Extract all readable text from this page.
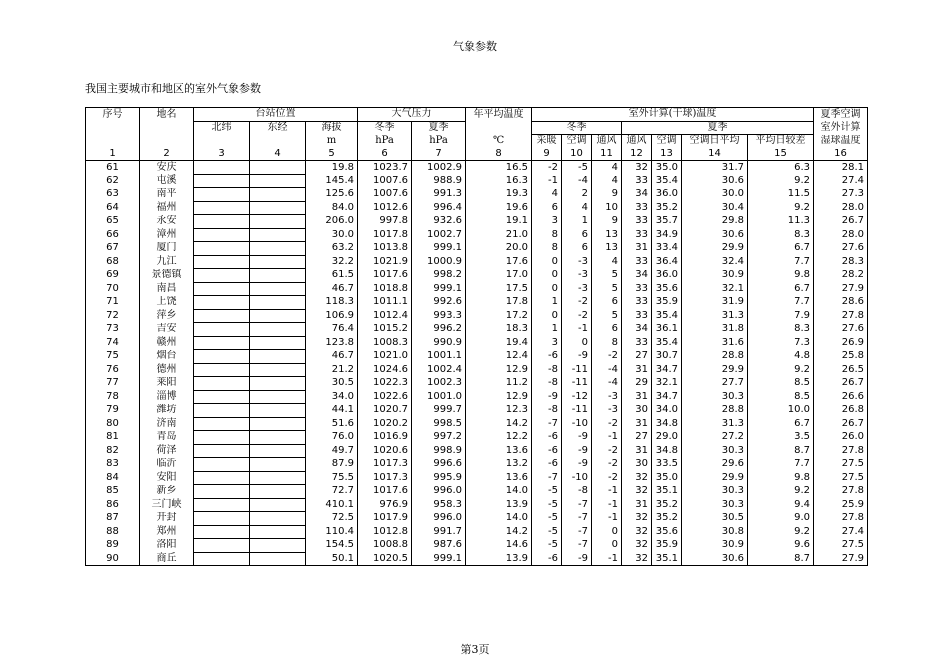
气象参数
我国主要城市和地区的室外气象参数
序号	地名	台站位置			大气压力		年平均温度	室外计算(干球)温度							夏季空调
		北纬	东经	海拔	冬季	夏季		冬季			夏季				室外计算
				m	hPa	hPa	℃	采暖	空调	通风	通风	空调	空调日平均	平均日较差	湿球温度
1	2	3	4	5	6	7	8	9	10	11	12	13	14	15	16
61	安庆			19.8	1023.7	1002.9	16.5	-2	-5	4	32	35.0	31.7	6.3	28.1
62	屯溪			145.4	1007.6	988.9	16.3	-1	-4	4	33	35.4	30.6	9.2	27.4
63	南平			125.6	1007.6	991.3	19.3	4	2	9	34	36.0	30.0	11.5	27.3
64	福州			84.0	1012.6	996.4	19.6	6	4	10	33	35.2	30.4	9.2	28.0
65	永安			206.0	997.8	932.6	19.1	3	1	9	33	35.7	29.8	11.3	26.7
66	漳州			30.0	1017.8	1002.7	21.0	8	6	13	33	34.9	30.6	8.3	28.0
67	厦门			63.2	1013.8	999.1	20.0	8	6	13	31	33.4	29.9	6.7	27.6
68	九江			32.2	1021.9	1000.9	17.6	0	-3	4	33	36.4	32.4	7.7	28.3
69	景德镇			61.5	1017.6	998.2	17.0	0	-3	5	34	36.0	30.9	9.8	28.2
70	南昌			46.7	1018.8	999.1	17.5	0	-3	5	33	35.6	32.1	6.7	27.9
71	上饶			118.3	1011.1	992.6	17.8	1	-2	6	33	35.9	31.9	7.7	28.6
72	萍乡			106.9	1012.4	993.3	17.2	0	-2	5	33	35.4	31.3	7.9	27.8
73	吉安			76.4	1015.2	996.2	18.3	1	-1	6	34	36.1	31.8	8.3	27.6
74	赣州			123.8	1008.3	990.9	19.4	3	0	8	33	35.4	31.6	7.3	26.9
75	烟台			46.7	1021.0	1001.1	12.4	-6	-9	-2	27	30.7	28.8	4.8	25.8
76	德州			21.2	1024.6	1002.4	12.9	-8	-11	-4	31	34.7	29.9	9.2	26.5
77	莱阳			30.5	1022.3	1002.3	11.2	-8	-11	-4	29	32.1	27.7	8.5	26.7
78	淄博			34.0	1022.6	1001.0	12.9	-9	-12	-3	31	34.7	30.3	8.5	26.6
79	潍坊			44.1	1020.7	999.7	12.3	-8	-11	-3	30	34.0	28.8	10.0	26.8
80	济南			51.6	1020.2	998.5	14.2	-7	-10	-2	31	34.8	31.3	6.7	26.7
81	青岛			76.0	1016.9	997.2	12.2	-6	-9	-1	27	29.0	27.2	3.5	26.0
82	荷泽			49.7	1020.6	998.9	13.6	-6	-9	-2	31	34.8	30.3	8.7	27.8
83	临沂			87.9	1017.3	996.6	13.2	-6	-9	-2	30	33.5	29.6	7.7	27.5
84	安阳			75.5	1017.3	995.9	13.6	-7	-10	-2	32	35.0	29.9	9.8	27.5
85	新乡			72.7	1017.6	996.0	14.0	-5	-8	-1	32	35.1	30.3	9.2	27.8
86	三门峡			410.1	976.9	958.3	13.9	-5	-7	-1	31	35.2	30.3	9.4	25.9
87	开封			72.5	1017.9	996.0	14.0	-5	-7	-1	32	35.2	30.5	9.0	27.8
88	郑州			110.4	1012.8	991.7	14.2	-5	-7	0	32	35.6	30.8	9.2	27.4
89	洛阳			154.5	1008.8	987.6	14.6	-5	-7	0	32	35.9	30.9	9.6	27.5
90	商丘			50.1	1020.5	999.1	13.9	-6	-9	-1	32	35.1	30.6	8.7	27.9
第3页
